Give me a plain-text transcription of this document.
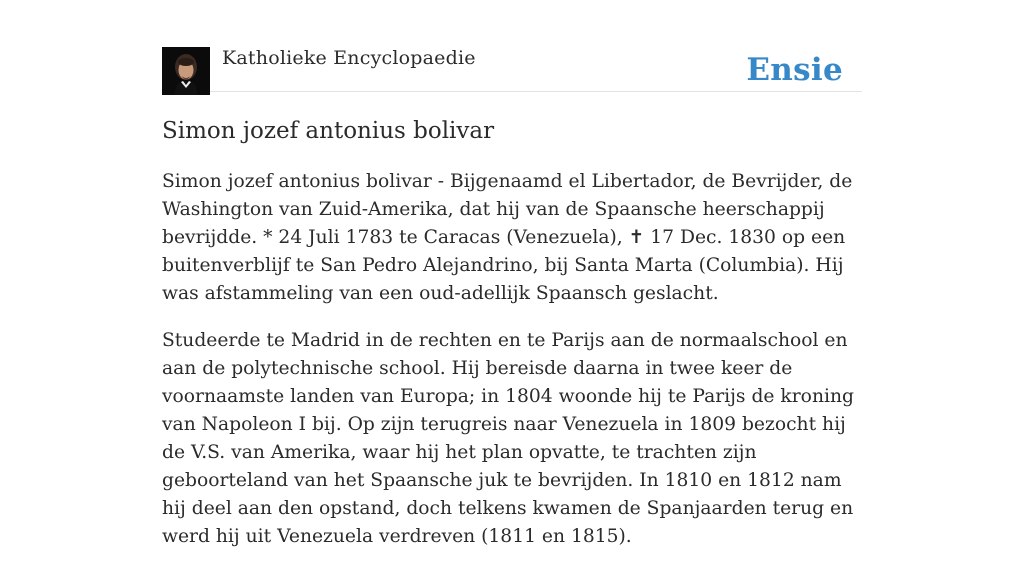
Katholieke Encyclopaedie	Ensie
Simon jozef antonius bolivar

Simon jozef antonius bolivar - Bijgenaamd el Libertador, de Bevrijder, de Washington van Zuid-Amerika, dat hij van de Spaansche heerschappij bevrijdde. * 24 Juli 1783 te Caracas (Venezuela), ✝ 17 Dec. 1830 op een buitenverblijf te San Pedro Alejandrino, bij Santa Marta (Columbia). Hij was afstammeling van een oud-adellijk Spaansch geslacht.

Studeerde te Madrid in de rechten en te Parijs aan de normaalschool en aan de polytechnische school. Hij bereisde daarna in twee keer de voornaamste landen van Europa; in 1804 woonde hij te Parijs de kroning van Napoleon I bij. Op zijn terugreis naar Venezuela in 1809 bezocht hij de V.S. van Amerika, waar hij het plan opvatte, te trachten zijn geboorteland van het Spaansche juk te bevrijden. In 1810 en 1812 nam hij deel aan den opstand, doch telkens kwamen de Spanjaarden terug en werd hij uit Venezuela verdreven (1811 en 1815).
